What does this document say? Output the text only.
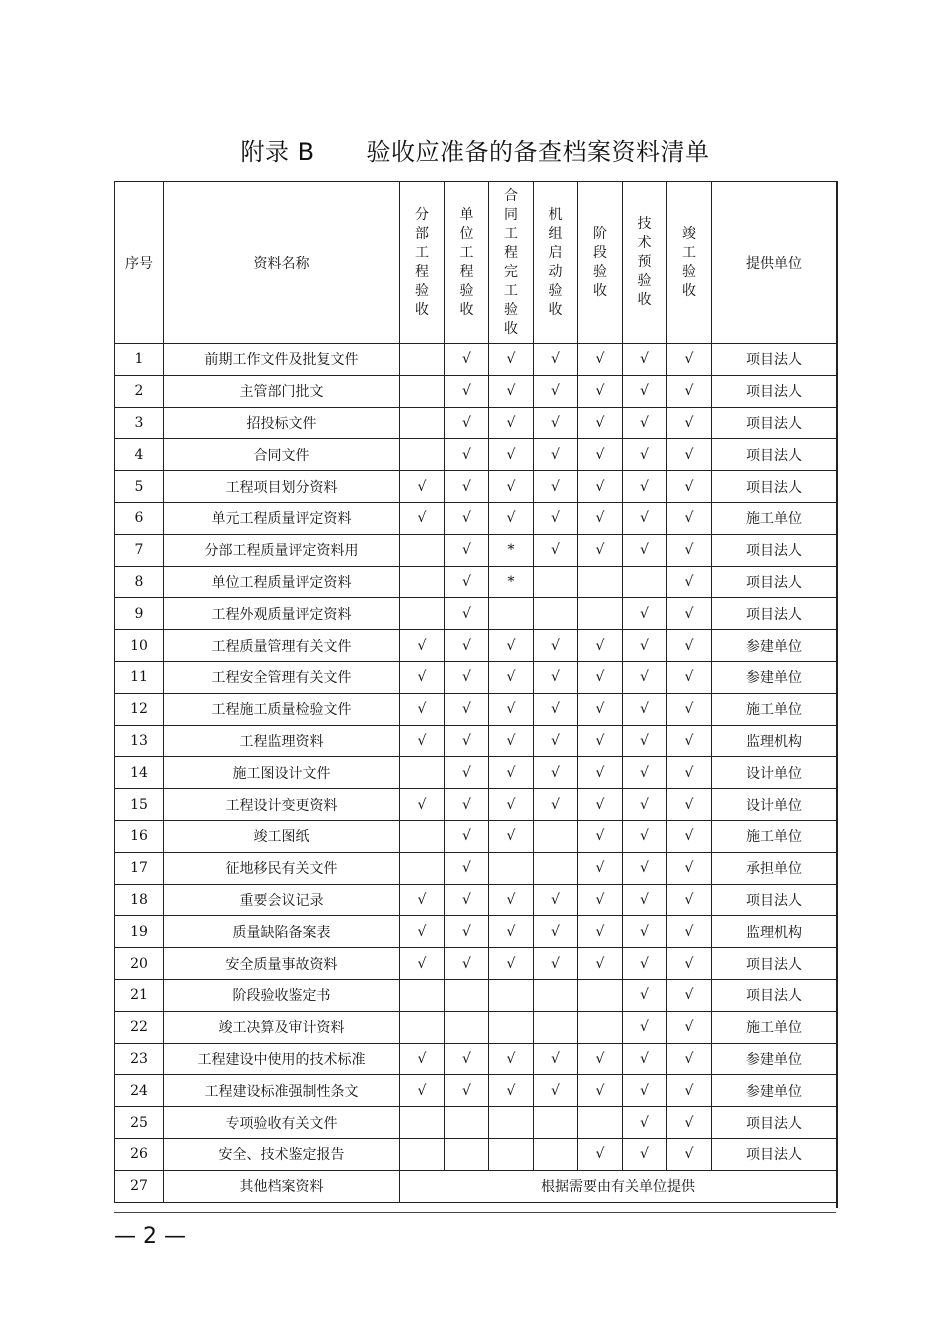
附录 B 验收应准备的备查档案资料清单
序号	资料名称	分部工程验收	单位工程验收	合同工程完工验收	机组启动验收	阶段验收	技术预验收	竣工验收	提供单位
1	前期工作文件及批复文件		√	√	√	√	√	√	项目法人
2	主管部门批文		√	√	√	√	√	√	项目法人
3	招投标文件		√	√	√	√	√	√	项目法人
4	合同文件		√	√	√	√	√	√	项目法人
5	工程项目划分资料	√	√	√	√	√	√	√	项目法人
6	单元工程质量评定资料	√	√	√	√	√	√	√	施工单位
7	分部工程质量评定资料用		√	*	√	√	√	√	项目法人
8	单位工程质量评定资料		√	*				√	项目法人
9	工程外观质量评定资料		√				√	√	项目法人
10	工程质量管理有关文件	√	√	√	√	√	√	√	参建单位
11	工程安全管理有关文件	√	√	√	√	√	√	√	参建单位
12	工程施工质量检验文件	√	√	√	√	√	√	√	施工单位
13	工程监理资料	√	√	√	√	√	√	√	监理机构
14	施工图设计文件		√	√	√	√	√	√	设计单位
15	工程设计变更资料	√	√	√	√	√	√	√	设计单位
16	竣工图纸		√	√		√	√	√	施工单位
17	征地移民有关文件		√			√	√	√	承担单位
18	重要会议记录	√	√	√	√	√	√	√	项目法人
19	质量缺陷备案表	√	√	√	√	√	√	√	监理机构
20	安全质量事故资料	√	√	√	√	√	√	√	项目法人
21	阶段验收鉴定书						√	√	项目法人
22	竣工决算及审计资料						√	√	施工单位
23	工程建设中使用的技术标准	√	√	√	√	√	√	√	参建单位
24	工程建设标准强制性条文	√	√	√	√	√	√	√	参建单位
25	专项验收有关文件						√	√	项目法人
26	安全、技术鉴定报告					√	√	√	项目法人
27	其他档案资料	根据需要由有关单位提供							
— 2 —
